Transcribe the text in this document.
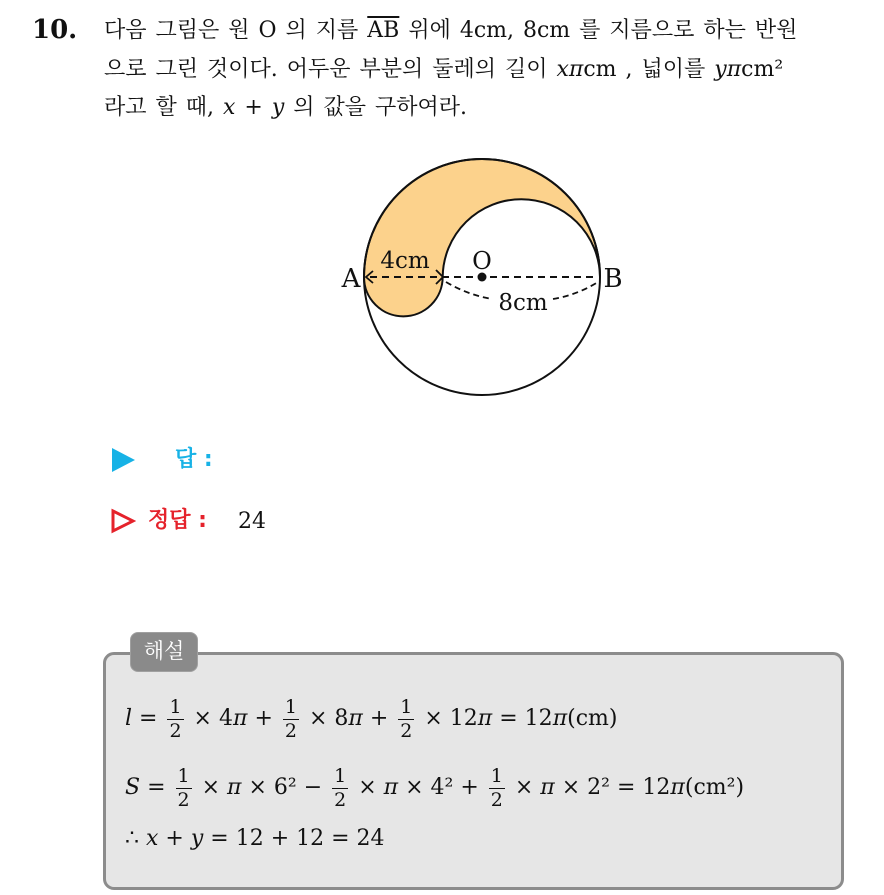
10. 다음 그림은 원 O 의 지름 $\overline{AB}$ 위에 4cm, 8cm 를 지름으로 하는 반원
으로 그린 것이다. 어두운 부분의 둘레의 길이 xπcm , 넓이를 yπcm²
라고 할 때, x + y 의 값을 구하여라.
A	B
O
4cm
8cm
답 :
정답 : 24
해설
$l = \frac{1}{2} \times 4$ $\pi + \frac{1}{2} \times 8$ $\pi + \frac{1}{2} \times 12$ π = 12 π (cm)
$S = \frac{1}{2} \times \pi \times 6^2 - \frac{1}{2} \times \pi \times 4^2 + \frac{1}{2} \times \pi \times 2^2 = 12$ π (cm²)
∴ x + y = 12 + 12 = 24
